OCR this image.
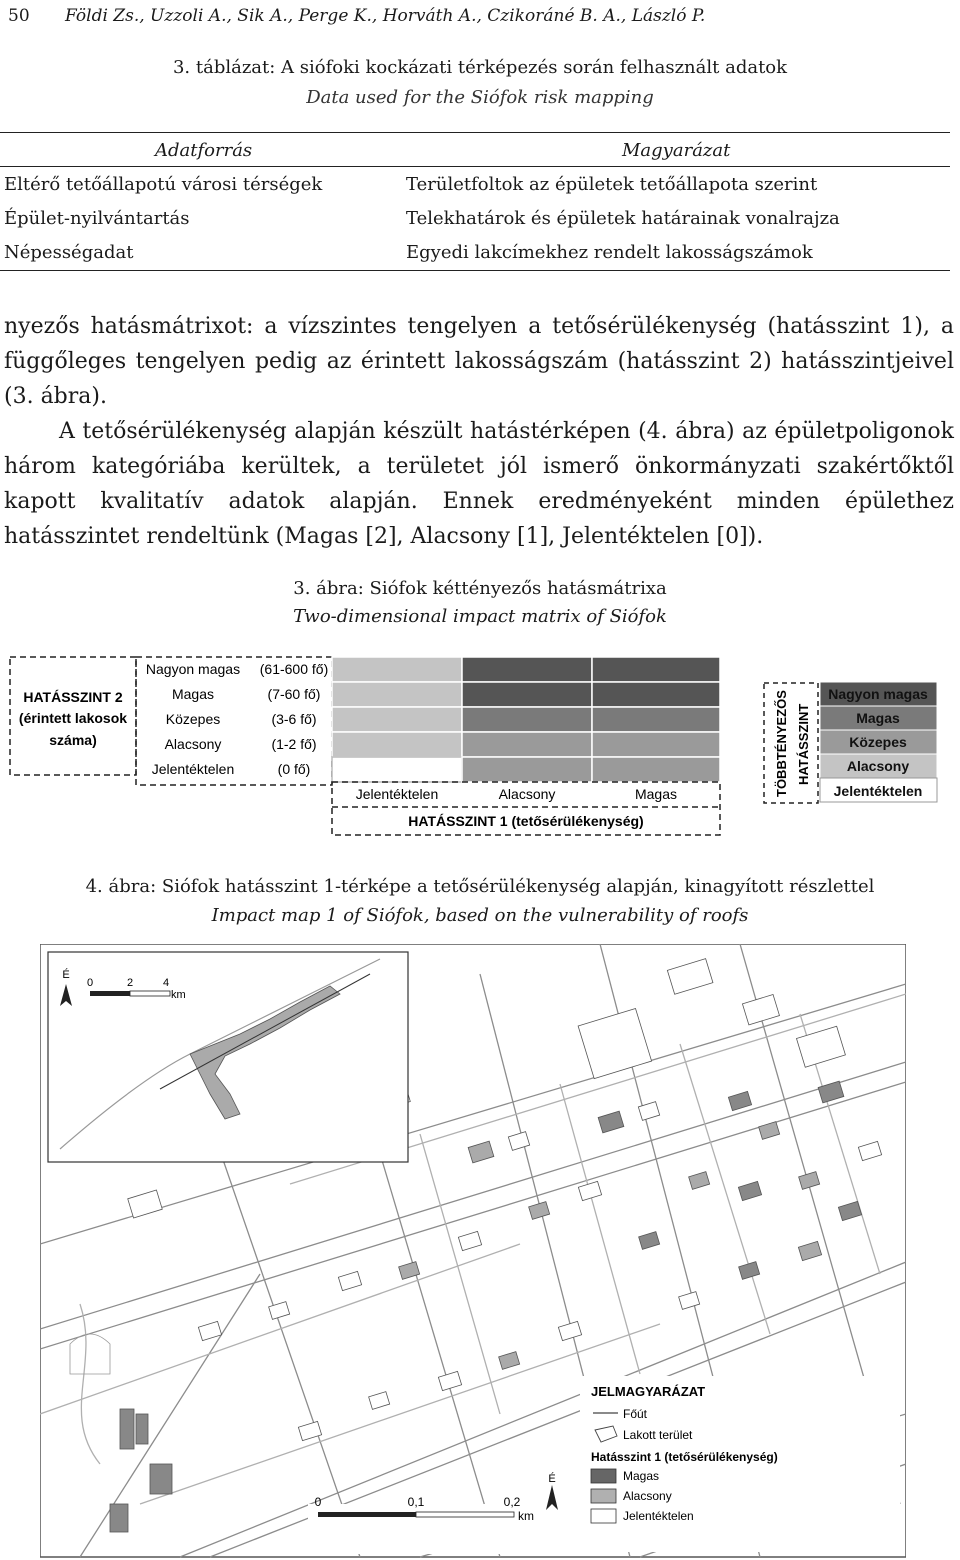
50 Földi Zs., Uzzoli A., Sik A., Perge K., Horváth A., Czikoráné B. A., László P.
3. táblázat: A siófoki kockázati térképezés során felhasznált adatok
Data used for the Siófok risk mapping
Adatforrás	Magyarázat
Eltérő tetőállapotú városi térségek	Területfoltok az épületek tetőállapota szerint
Épület-nyilvántartás	Telekhatárok és épületek határainak vonalrajza
Népességadat	Egyedi lakcímekhez rendelt lakosságszámok

nyezős hatásmátrixot: a vízszintes tengelyen a tetősérülékenység (hatásszint 1), a függőleges tengelyen pedig az érintett lakosságszám (hatásszint 2) hatásszintjeivel (3. ábra).

A tetősérülékenység alapján készült hatástérképen (4. ábra) az épületpoligonok három kategóriába kerültek, a területet jól ismerő önkormányzati szakértőktől kapott kvalitatív adatok alapján. Ennek eredményeként minden épülethez hatásszintet rendeltünk (Magas [2], Alacsony [1], Jelentéktelen [0]).

3. ábra: Siófok kéttényezős hatásmátrixa
Two-dimensional impact matrix of Siófok
HATÁSSZINT 2
(érintett lakosok
száma)
Nagyon magas (61-600 fő)
Magas	(7-60 fő)
Közepes	(3-6 fő)
Alacsony	(1-2 fő)
Jelentéktelen	(0 fő)
Jelentéktelen	Alacsony	Magas
HATÁSSZINT 1 (tetősérülékenység)
TÖBBTÉNYEZŐS HATÁSSZINT
Nagyon magas
Magas
Közepes
Alacsony
Jelentéktelen
4. ábra: Siófok hatásszint 1-térképe a tetősérülékenység alapján, kinagyított részlettel
Impact map 1 of Siófok, based on the vulnerability of roofs
É
0	2	4
km
JELMAGYARÁZAT
Főút
Lakott terület
Hatásszint 1 (tetősérülékenység)
Magas
Alacsony
Jelentéktelen
0	0,1	0,2
km
É
